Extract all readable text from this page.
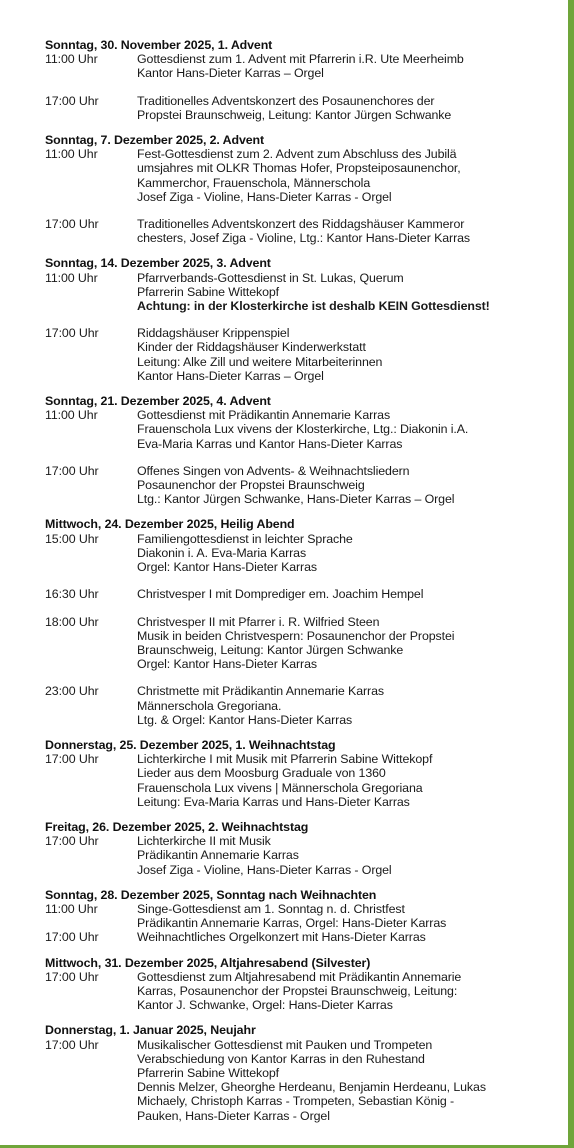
Sonntag, 30. November 2025, 1. Advent
11:00 Uhr	Gottesdienst zum 1. Advent mit Pfarrerin i.R. Ute Meerheimb
Kantor Hans-Dieter Karras – Orgel
17:00 Uhr	Traditionelles Adventskonzert des Posaunenchores der
Propstei Braunschweig, Leitung: Kantor Jürgen Schwanke
Sonntag, 7. Dezember 2025, 2. Advent
11:00 Uhr	Fest-Gottesdienst zum 2. Advent zum Abschluss des Jubilä
umsjahres mit OLKR Thomas Hofer, Propsteiposaunenchor,
Kammerchor, Frauenschola, Männerschola
Josef Ziga - Violine, Hans-Dieter Karras - Orgel
17:00 Uhr	Traditionelles Adventskonzert des Riddagshäuser Kammeror
chesters, Josef Ziga - Violine, Ltg.: Kantor Hans-Dieter Karras
Sonntag, 14. Dezember 2025, 3. Advent
11:00 Uhr	Pfarrverbands-Gottesdienst in St. Lukas, Querum
Pfarrerin Sabine Wittekopf
Achtung: in der Klosterkirche ist deshalb KEIN Gottesdienst!
17:00 Uhr	Riddagshäuser Krippenspiel
Kinder der Riddagshäuser Kinderwerkstatt
Leitung: Alke Zill und weitere Mitarbeiterinnen
Kantor Hans-Dieter Karras – Orgel
Sonntag, 21. Dezember 2025, 4. Advent
11:00 Uhr	Gottesdienst mit Prädikantin Annemarie Karras
Frauenschola Lux vivens der Klosterkirche, Ltg.: Diakonin i.A.
Eva-Maria Karras und Kantor Hans-Dieter Karras
17:00 Uhr	Offenes Singen von Advents- & Weihnachtsliedern
Posaunenchor der Propstei Braunschweig
Ltg.: Kantor Jürgen Schwanke, Hans-Dieter Karras – Orgel
Mittwoch, 24. Dezember 2025, Heilig Abend
15:00 Uhr	Familiengottesdienst in leichter Sprache
Diakonin i. A. Eva-Maria Karras
Orgel: Kantor Hans-Dieter Karras
16:30 Uhr	Christvesper I mit Domprediger em. Joachim Hempel
18:00 Uhr	Christvesper II mit Pfarrer i. R. Wilfried Steen
Musik in beiden Christvespern: Posaunenchor der Propstei
Braunschweig, Leitung: Kantor Jürgen Schwanke
Orgel: Kantor Hans-Dieter Karras
23:00 Uhr	Christmette mit Prädikantin Annemarie Karras
Männerschola Gregoriana.
Ltg. & Orgel: Kantor Hans-Dieter Karras
Donnerstag, 25. Dezember 2025, 1. Weihnachtstag
17:00 Uhr	Lichterkirche I mit Musik mit Pfarrerin Sabine Wittekopf
Lieder aus dem Moosburg Graduale von 1360
Frauenschola Lux vivens | Männerschola Gregoriana
Leitung: Eva-Maria Karras und Hans-Dieter Karras
Freitag, 26. Dezember 2025, 2. Weihnachtstag
17:00 Uhr	Lichterkirche II mit Musik
Prädikantin Annemarie Karras
Josef Ziga - Violine, Hans-Dieter Karras - Orgel
Sonntag, 28. Dezember 2025, Sonntag nach Weihnachten
11:00 Uhr	Singe-Gottesdienst am 1. Sonntag n. d. Christfest
Prädikantin Annemarie Karras, Orgel: Hans-Dieter Karras
17:00 Uhr	Weihnachtliches Orgelkonzert mit Hans-Dieter Karras
Mittwoch, 31. Dezember 2025, Altjahresabend (Silvester)
17:00 Uhr	Gottesdienst zum Altjahresabend mit Prädikantin Annemarie
Karras, Posaunenchor der Propstei Braunschweig, Leitung:
Kantor J. Schwanke, Orgel: Hans-Dieter Karras
Donnerstag, 1. Januar 2025, Neujahr
17:00 Uhr	Musikalischer Gottesdienst mit Pauken und Trompeten
Verabschiedung von Kantor Karras in den Ruhestand
Pfarrerin Sabine Wittekopf
Dennis Melzer, Gheorghe Herdeanu, Benjamin Herdeanu, Lukas
Michaely, Christoph Karras - Trompeten, Sebastian König -
Pauken, Hans-Dieter Karras - Orgel
